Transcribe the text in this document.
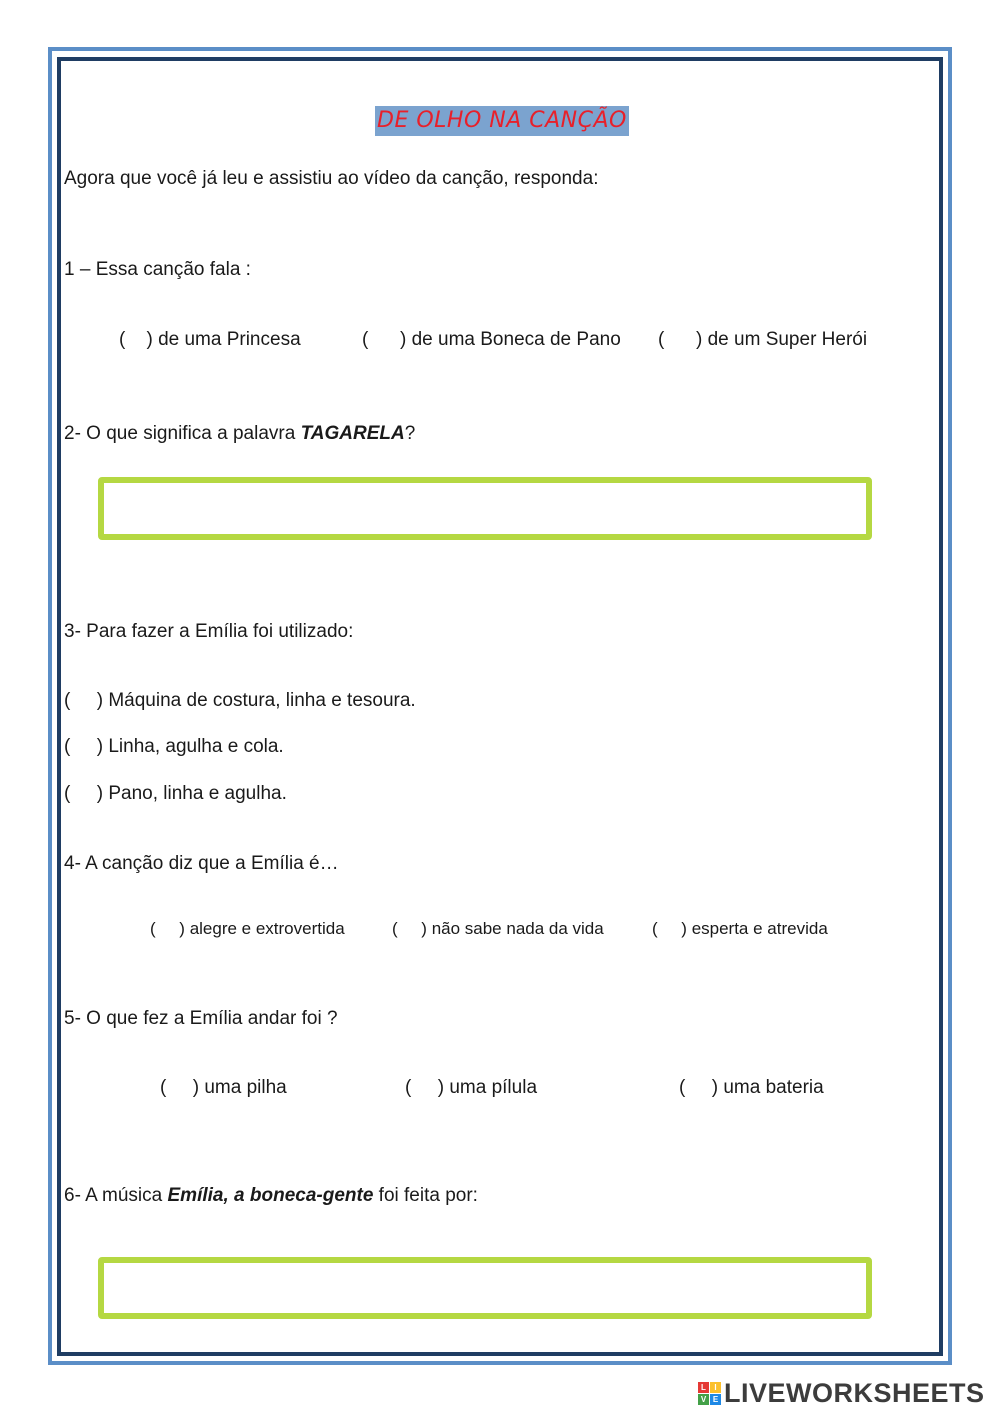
DE OLHO NA CANÇÃO
Agora que você já leu e assistiu ao vídeo da canção, responda:
1 – Essa canção fala :
(    ) de uma Princesa	(      ) de uma Boneca de Pano (      ) de um Super Herói
2- O que significa a palavra TAGARELA?
3- Para fazer a Emília foi utilizado:
(     ) Máquina de costura, linha e tesoura.
(     ) Linha, agulha e cola.
(     ) Pano, linha e agulha.
4- A canção diz que a Emília é…
(     ) alegre e extrovertida	(     ) não sabe nada da vida	(     ) esperta e atrevida
5- O que fez a Emília andar foi ?
(     ) uma pilha	(     ) uma pílula	(     ) uma bateria
6- A música Emília, a boneca-gente foi feita por:
L	I
V E LIVEWORKSHEETS
